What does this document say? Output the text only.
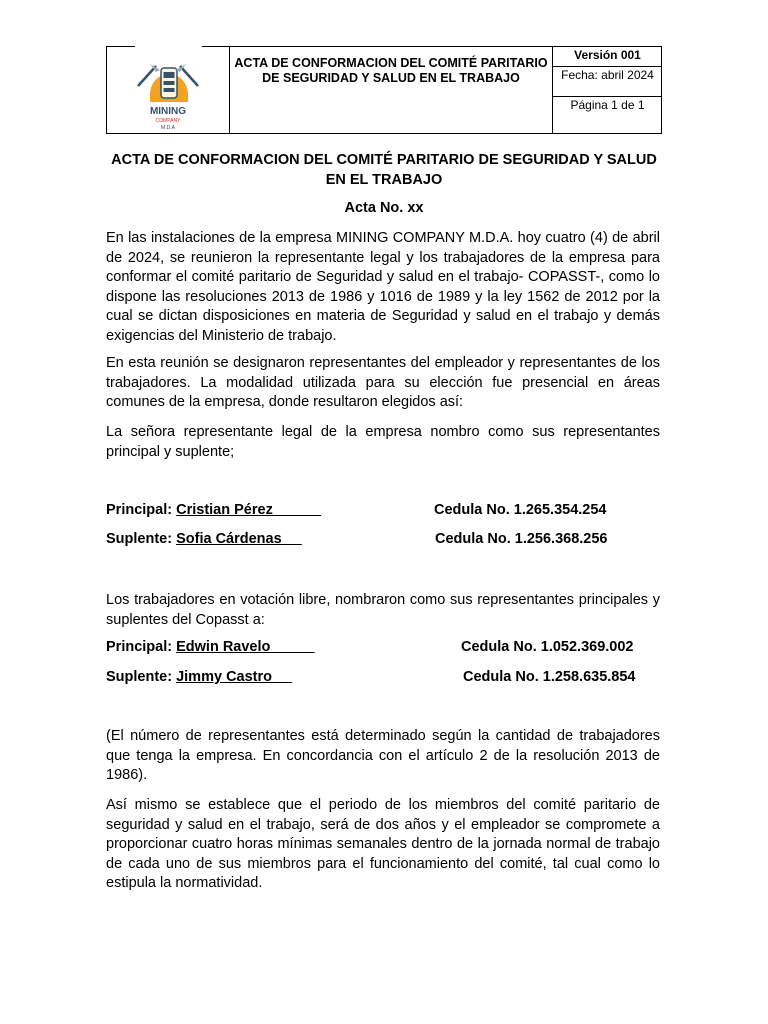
MINING
COMPANY
M.D.A
ACTA DE CONFORMACION DEL COMITÉ PARITARIO DE SEGURIDAD Y SALUD EN EL TRABAJO
Versión 001
Fecha: abril 2024
Página 1 de 1
ACTA DE CONFORMACION DEL COMITÉ PARITARIO DE SEGURIDAD Y SALUD EN EL TRABAJO
Acta No. xx
En las instalaciones de la empresa MINING COMPANY M.D.A. hoy cuatro (4) de abril de 2024, se reunieron la representante legal y los trabajadores de la empresa para conformar el comité paritario de Seguridad y salud en el trabajo- COPASST-, como lo dispone las resoluciones 2013 de 1986 y 1016 de 1989 y la ley 1562 de 2012 por la cual se dictan disposiciones en materia de Seguridad y salud en el trabajo y demás exigencias del Ministerio de trabajo.
En esta reunión se designaron representantes del empleador y representantes de los trabajadores. La modalidad utilizada para su elección fue presencial en áreas comunes de la empresa, donde resultaron elegidos así:
La señora representante legal de la empresa nombro como sus representantes principal y suplente;
Principal: Cristian Pérez	Cedula No. 1.265.354.254
Suplente: Sofia Cárdenas	Cedula No. 1.256.368.256
Los trabajadores en votación libre, nombraron como sus representantes principales y suplentes del Copasst a:
Principal: Edwin Ravelo	Cedula No. 1.052.369.002
Suplente: Jimmy Castro	Cedula No. 1.258.635.854
(El número de representantes está determinado según la cantidad de trabajadores que tenga la empresa. En concordancia con el artículo 2 de la resolución 2013 de 1986).
Así mismo se establece que el periodo de los miembros del comité paritario de seguridad y salud en el trabajo, será de dos años y el empleador se compromete a proporcionar cuatro horas mínimas semanales dentro de la jornada normal de trabajo de cada uno de sus miembros para el funcionamiento del comité, tal cual como lo estipula la normatividad.
